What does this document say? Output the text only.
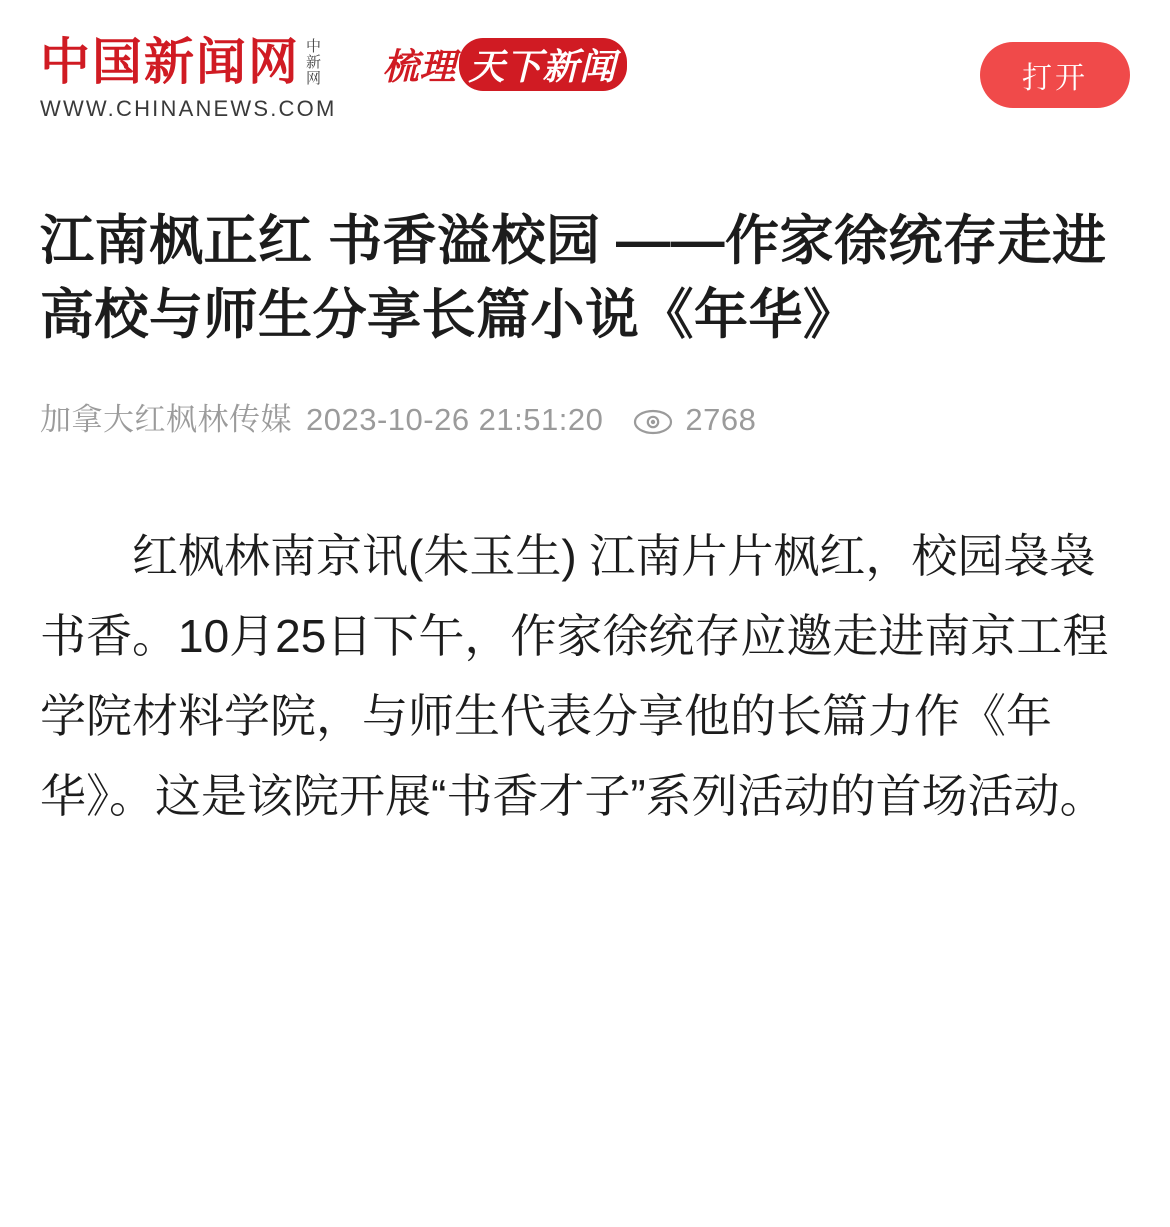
中国新闻网 中
新
网
WWW.CHINANEWS.COM
梳理 天下新闻	打开
江南枫正红 书香溢校园 ——作家徐统存走进高校与师生分享长篇小说《年华》
加拿大红枫林传媒 2023-10-26 21:51:20	2768

红枫林南京讯(朱玉生) 江南片片枫红，校园袅袅书香。10月25日下午，作家徐统存应邀走进南京工程学院材料学院，与师生代表分享他的长篇力作《年华》。这是该院开展“书香才子”系列活动的首场活动。
